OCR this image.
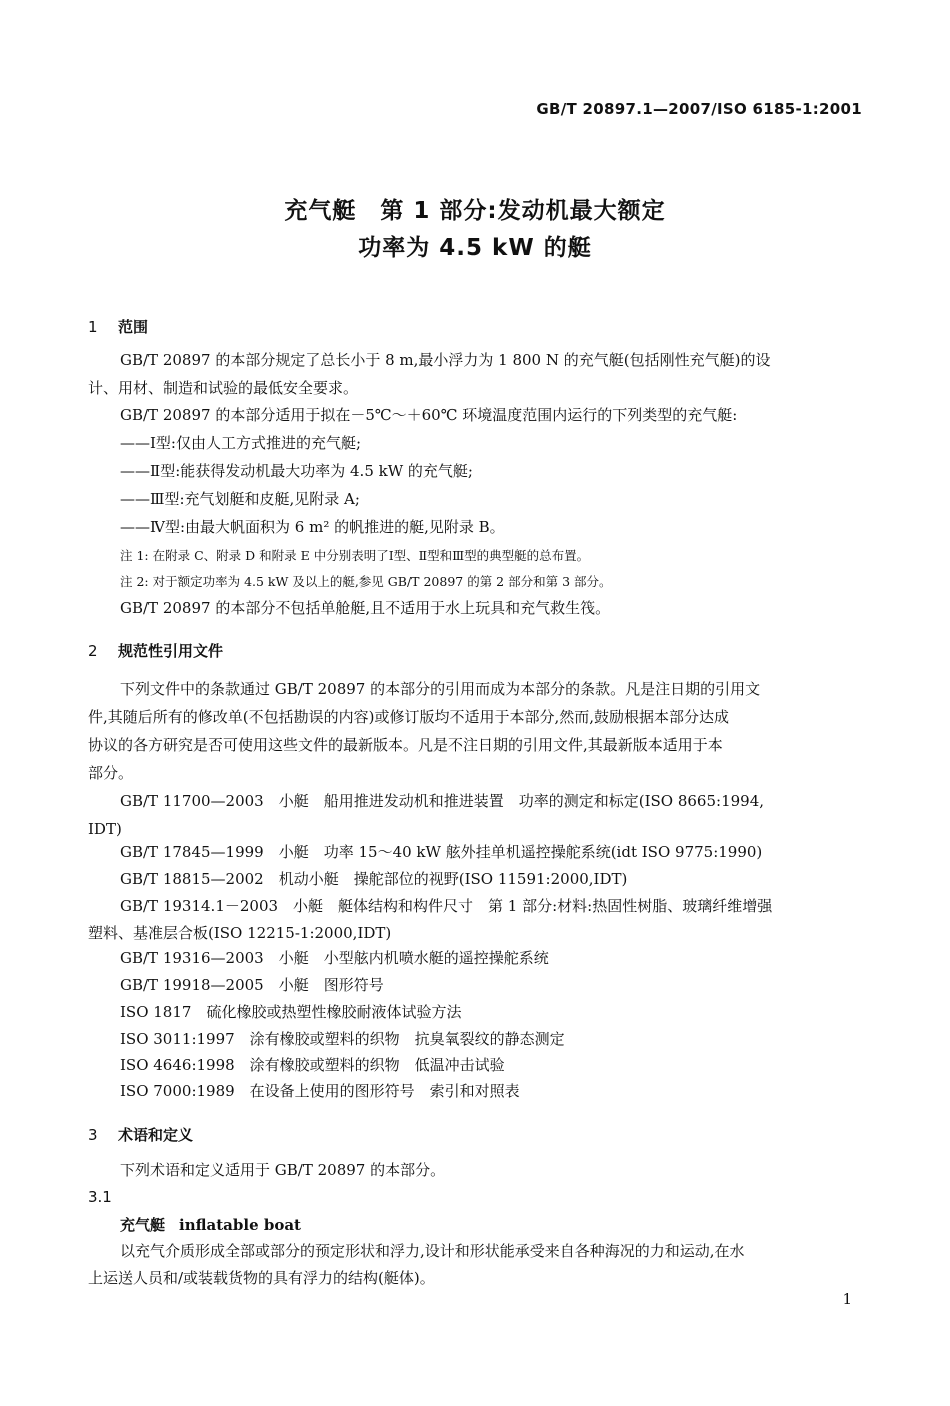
GB/T 20897.1—2007/ISO 6185-1:2001
充气艇　第 1 部分:发动机最大额定
功率为 4.5 kW 的艇
1 范围
GB/T 20897 的本部分规定了总长小于 8 m,最小浮力为 1 800 N 的充气艇(包括刚性充气艇)的设
计、用材、制造和试验的最低安全要求。
GB/T 20897 的本部分适用于拟在－5℃～＋60℃ 环境温度范围内运行的下列类型的充气艇:
——Ⅰ型:仅由人工方式推进的充气艇;
——Ⅱ型:能获得发动机最大功率为 4.5 kW 的充气艇;
——Ⅲ型:充气划艇和皮艇,见附录 A;
——Ⅳ型:由最大帆面积为 6 m² 的帆推进的艇,见附录 B。
注 1: 在附录 C、附录 D 和附录 E 中分别表明了Ⅰ型、Ⅱ型和Ⅲ型的典型艇的总布置。
注 2: 对于额定功率为 4.5 kW 及以上的艇,参见 GB/T 20897 的第 2 部分和第 3 部分。
GB/T 20897 的本部分不包括单舱艇,且不适用于水上玩具和充气救生筏。
2 规范性引用文件
下列文件中的条款通过 GB/T 20897 的本部分的引用而成为本部分的条款。凡是注日期的引用文
件,其随后所有的修改单(不包括勘误的内容)或修订版均不适用于本部分,然而,鼓励根据本部分达成
协议的各方研究是否可使用这些文件的最新版本。凡是不注日期的引用文件,其最新版本适用于本
部分。
GB/T 11700—2003　小艇　船用推进发动机和推进装置　功率的测定和标定(ISO 8665:1994,
IDT)
GB/T 17845—1999　小艇　功率 15～40 kW 舷外挂单机遥控操舵系统(idt ISO 9775:1990)
GB/T 18815—2002　机动小艇　操舵部位的视野(ISO 11591:2000,IDT)
GB/T 19314.1－2003　小艇　艇体结构和构件尺寸　第 1 部分:材料:热固性树脂、玻璃纤维增强
塑料、基准层合板(ISO 12215-1:2000,IDT)
GB/T 19316—2003　小艇　小型舷内机喷水艇的遥控操舵系统
GB/T 19918—2005　小艇　图形符号
ISO 1817　硫化橡胶或热塑性橡胶耐液体试验方法
ISO 3011:1997　涂有橡胶或塑料的织物　抗臭氧裂纹的静态测定
ISO 4646:1998　涂有橡胶或塑料的织物　低温冲击试验
ISO 7000:1989　在设备上使用的图形符号　索引和对照表
3 术语和定义
下列术语和定义适用于 GB/T 20897 的本部分。
3.1
充气艇 inflatable boat
以充气介质形成全部或部分的预定形状和浮力,设计和形状能承受来自各种海况的力和运动,在水
上运送人员和/或装载货物的具有浮力的结构(艇体)。
1
